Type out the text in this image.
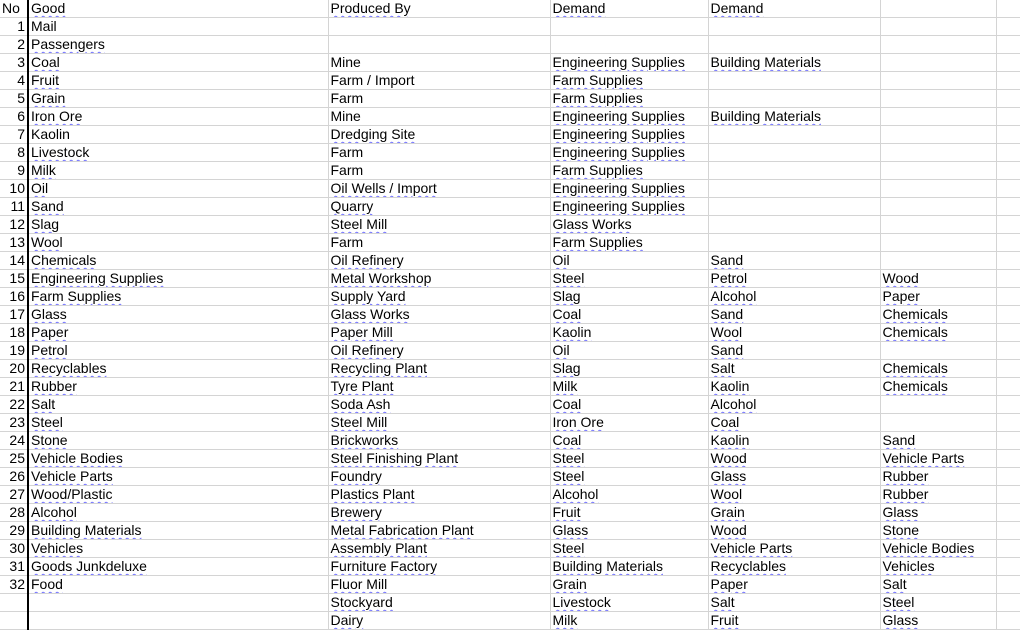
No	Good	Produced By	Demand	Demand		
1	Mail					
2	Passengers					
3	Coal	Mine	Engineering Supplies	Building Materials		
4	Fruit	Farm / Import	Farm Supplies			
5	Grain	Farm	Farm Supplies			
6	Iron Ore	Mine	Engineering Supplies	Building Materials		
7	Kaolin	Dredging Site	Engineering Supplies			
8	Livestock	Farm	Engineering Supplies			
9	Milk	Farm	Farm Supplies			
10	Oil	Oil Wells / Import	Engineering Supplies			
11	Sand	Quarry	Engineering Supplies			
12	Slag	Steel Mill	Glass Works			
13	Wool	Farm	Farm Supplies			
14	Chemicals	Oil Refinery	Oil	Sand		
15	Engineering Supplies	Metal Workshop	Steel	Petrol	Wood	
16	Farm Supplies	Supply Yard	Slag	Alcohol	Paper	
17	Glass	Glass Works	Coal	Sand	Chemicals	
18	Paper	Paper Mill	Kaolin	Wool	Chemicals	
19	Petrol	Oil Refinery	Oil	Sand		
20	Recyclables	Recycling Plant	Slag	Salt	Chemicals	
21	Rubber	Tyre Plant	Milk	Kaolin	Chemicals	
22	Salt	Soda Ash	Coal	Alcohol		
23	Steel	Steel Mill	Iron Ore	Coal		
24	Stone	Brickworks	Coal	Kaolin	Sand	
25	Vehicle Bodies	Steel Finishing Plant	Steel	Wood	Vehicle Parts	
26	Vehicle Parts	Foundry	Steel	Glass	Rubber	
27	Wood/Plastic	Plastics Plant	Alcohol	Wool	Rubber	
28	Alcohol	Brewery	Fruit	Grain	Glass	
29	Building Materials	Metal Fabrication Plant	Glass	Wood	Stone	
30	Vehicles	Assembly Plant	Steel	Vehicle Parts	Vehicle Bodies	
31	Goods Junkdeluxe	Furniture Factory	Building Materials	Recyclables	Vehicles	
32	Food	Fluor Mill	Grain	Paper	Salt	
		Stockyard	Livestock	Salt	Steel	
		Dairy	Milk	Fruit	Glass	
